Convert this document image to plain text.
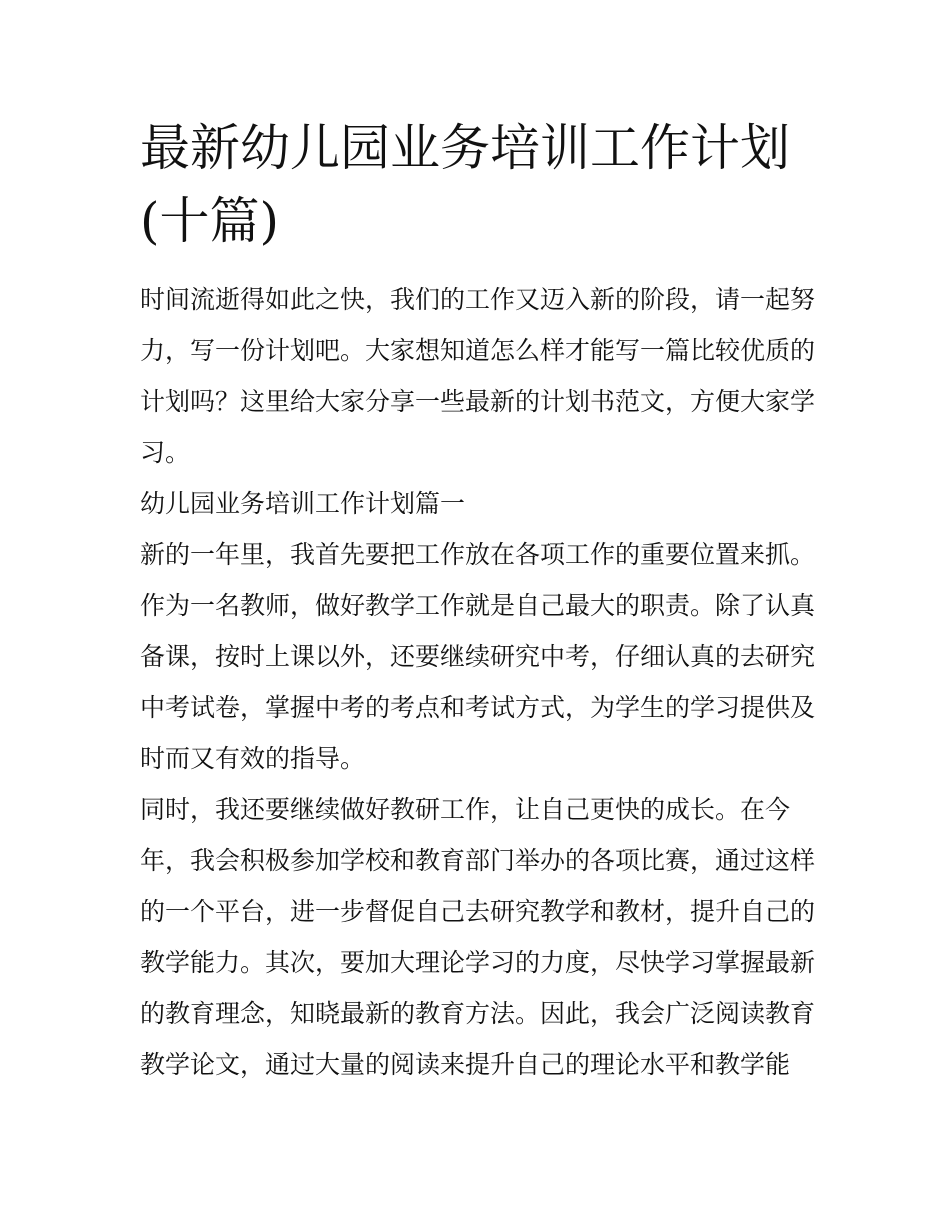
最新幼儿园业务培训工作计划
(十篇)
时间流逝得如此之快，我们的工作又迈入新的阶段，请一起努
力，写一份计划吧。大家想知道怎么样才能写一篇比较优质的
计划吗？这里给大家分享一些最新的计划书范文，方便大家学
习。
幼儿园业务培训工作计划篇一
新的一年里，我首先要把工作放在各项工作的重要位置来抓。
作为一名教师，做好教学工作就是自己最大的职责。除了认真
备课，按时上课以外，还要继续研究中考，仔细认真的去研究
中考试卷，掌握中考的考点和考试方式，为学生的学习提供及
时而又有效的指导。
同时，我还要继续做好教研工作，让自己更快的成长。在今
年，我会积极参加学校和教育部门举办的各项比赛，通过这样
的一个平台，进一步督促自己去研究教学和教材，提升自己的
教学能力。其次，要加大理论学习的力度，尽快学习掌握最新
的教育理念，知晓最新的教育方法。因此，我会广泛阅读教育
教学论文，通过大量的阅读来提升自己的理论水平和教学能
